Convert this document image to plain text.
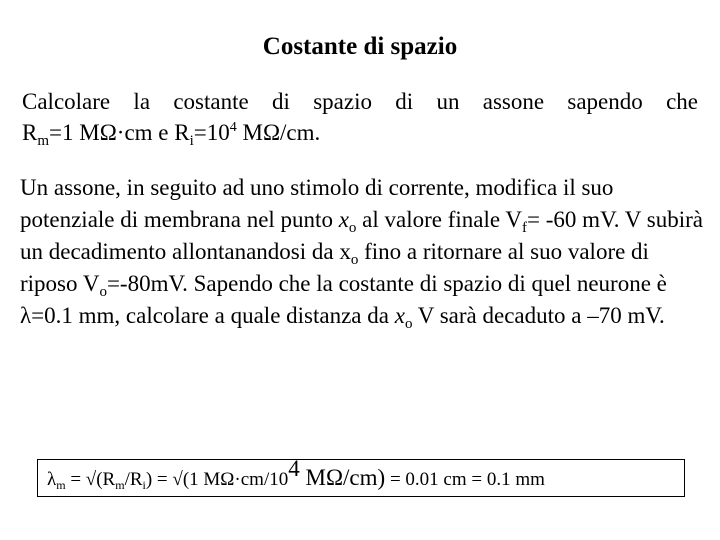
Costante di spazio
Calcolare la costante di spazio di un assone sapendo che
$R_m=1$ MΩ·cm e $R_i=10^4$ MΩ/cm.
Un assone, in seguito ad uno stimolo di corrente, modifica il suo potenziale di membrana nel punto $x_o$ al valore finale $V_f= -60$ mV. V subirà un decadimento allontanandosi da $x_o$ fino a ritornare al suo valore di riposo $V_o=-80mV$. Sapendo che la costante di spazio di quel neurone è λ=0.1 mm, calcolare a quale distanza da $x_o$ V sarà decaduto a –70 mV.
$\lambda_m = √(R_m/R_i) = √(1$ $M\Omega\cdot cm/10^4$ MΩ/cm) = 0.01 cm = 0.1 mm
